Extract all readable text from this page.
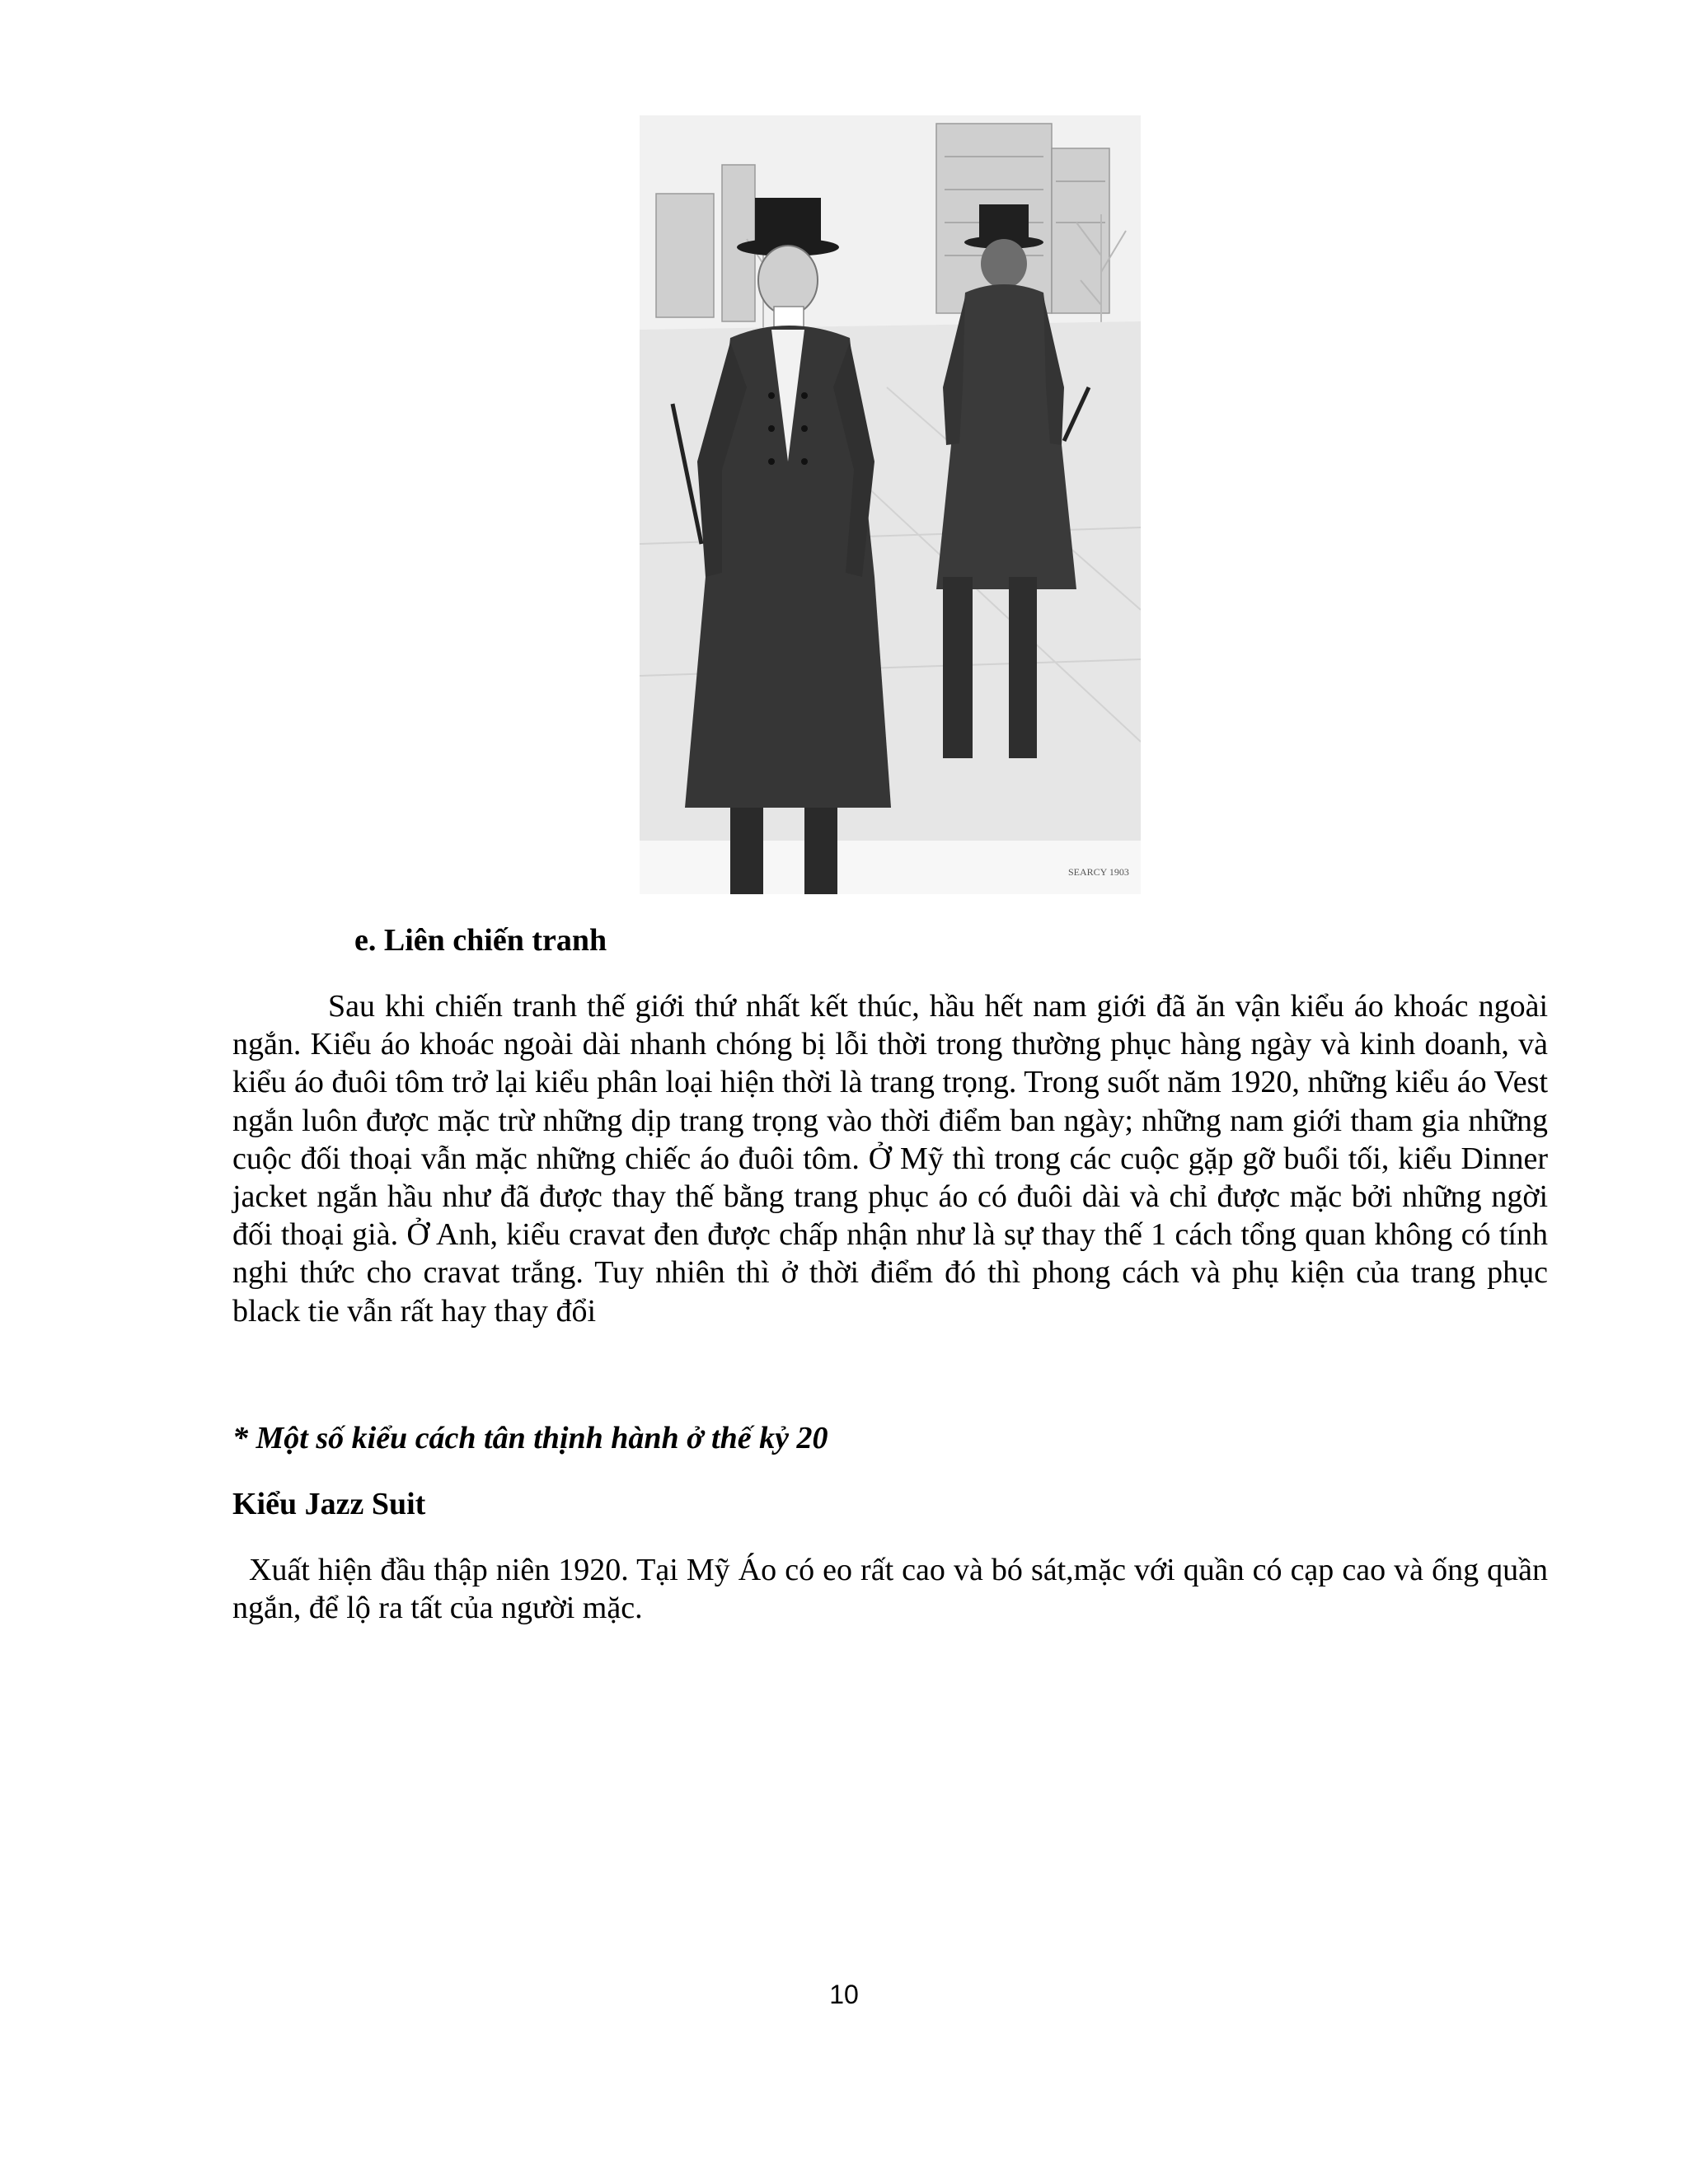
SEARCY 1903
e. Liên chiến tranh

Sau khi chiến tranh thế giới thứ nhất kết thúc, hầu hết nam giới đã ăn vận kiểu áo khoác ngoài ngắn. Kiểu áo khoác ngoài dài nhanh chóng bị lỗi thời trong thường phục hàng ngày và kinh doanh, và kiểu áo đuôi tôm trở lại kiểu phân loại hiện thời là trang trọng. Trong suốt năm 1920, những kiểu áo Vest ngắn luôn được mặc trừ những dịp trang trọng vào thời điểm ban ngày; những nam giới tham gia những cuộc đối thoại vẫn mặc những chiếc áo đuôi tôm. Ở Mỹ thì trong các cuộc gặp gỡ buổi tối, kiểu Dinner jacket ngắn hầu như đã được thay thế bằng trang phục áo có đuôi dài và chỉ được mặc bởi những ngời đối thoại già. Ở Anh, kiểu cravat đen được chấp nhận như là sự thay thế 1 cách tổng quan không có tính nghi thức cho cravat trắng. Tuy nhiên thì ở thời điểm đó thì phong cách và phụ kiện của trang phục black tie vẫn rất hay thay đổi

* Một số kiểu cách tân thịnh hành ở thế kỷ 20

Kiểu Jazz Suit

Xuất hiện đầu thập niên 1920. Tại Mỹ Áo có eo rất cao và bó sát,mặc với quần có cạp cao và ống quần ngắn, để lộ ra tất của người mặc.

10
